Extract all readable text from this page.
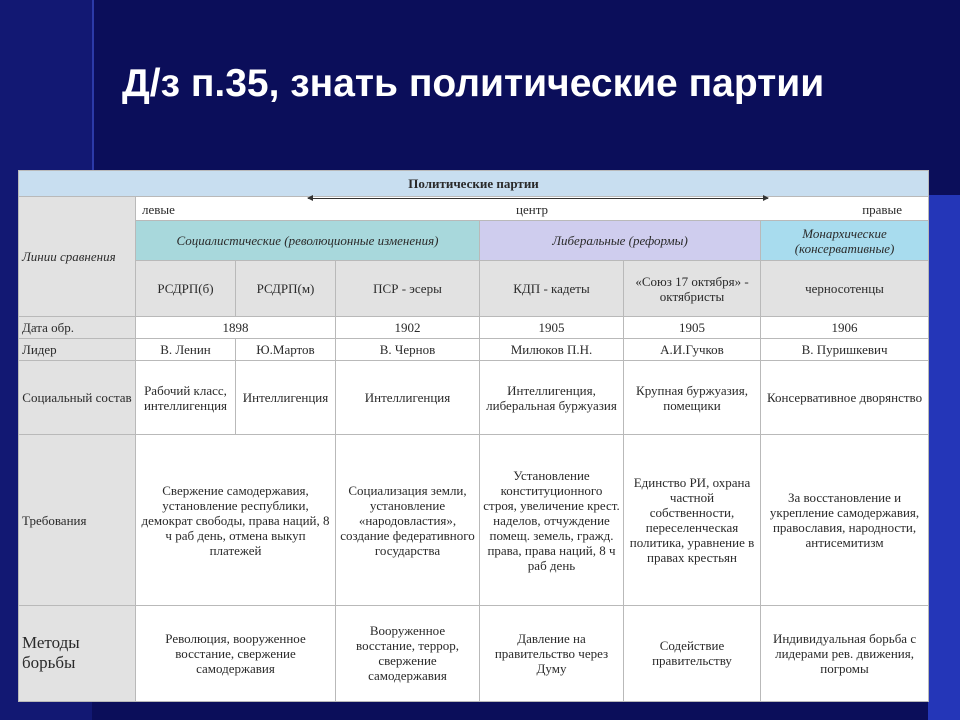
Д/з п.35, знать политические партии
Политические партии						
Линии сравнения	левые центр правые					

	Социалистические (революционные изменения)			Либеральные (реформы)		Монархические (консервативные)
	РСДРП(б)	РСДРП(м)	ПСР - эсеры	КДП - кадеты	«Союз 17 октября» - октябристы	черносотенцы
Дата обр.	1898		1902	1905	1905	1906
Лидер	В. Ленин	Ю.Мартов	В. Чернов	Милюков П.Н.	А.И.Гучков	В. Пуришкевич
Социальный состав	Рабочий класс, интеллигенция	Интеллигенция	Интеллигенция	Интеллигенция, либеральная буржуазия	Крупная буржуазия, помещики	Консервативное дворянство
Требования	Свержение самодержавия, установление республики, демократ свободы, права наций, 8 ч раб день, отмена выкуп платежей		Социализация земли, установление «народовластия», создание федеративного государства	Установление конституционного строя, увеличение крест. наделов, отчуждение помещ. земель, гражд. права, права наций, 8 ч раб день	Единство РИ, охрана частной собственности, переселенческая политика, уравнение в правах крестьян	За восстановление и укрепление самодержавия, православия, народности, антисемитизм
Методы борьбы	Революция, вооруженное восстание, свержение самодержавия		Вооруженное восстание, террор, свержение самодержавия	Давление на правительство через Думу	Содействие правительству	Индивидуальная борьба с лидерами рев. движения, погромы
